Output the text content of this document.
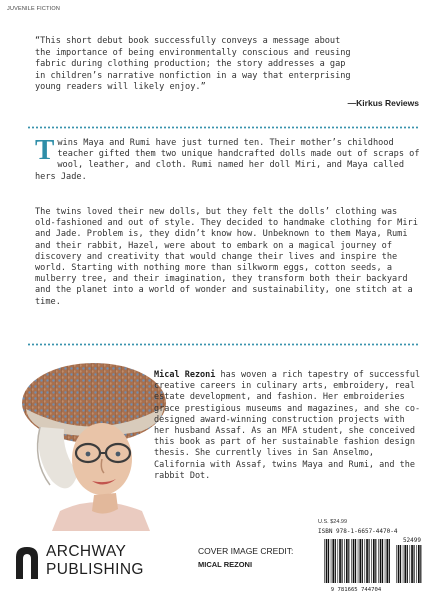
JUVENILE FICTION

“This short debut book successfully conveys a message about
the importance of being environmentally conscious and reusing
fabric during clothing production; the story addresses a gap
in children’s narrative nonfiction in a way that enterprising
young readers will likely enjoy.”

—Kirkus Reviews

Twins Maya and Rumi have just turned ten. Their mother’s childhood teacher gifted them two unique handcrafted dolls made out of scraps of wool, leather, and cloth. Rumi named her doll Miri, and Maya called hers Jade.

The twins loved their new dolls, but they felt the dolls’ clothing was old-fashioned and out of style. They decided to handmake clothing for Miri and Jade. Problem is, they didn’t know how. Unbeknown to them Maya, Rumi and their rabbit, Hazel, were about to embark on a magical journey of discovery and creativity that would change their lives and inspire the world. Starting with nothing more than silkworm eggs, cotton seeds, a mulberry tree, and their imagination, they transform both their backyard and the planet into a world of wonder and sustainability, one stitch at a time.

Mical Rezoni has woven a rich tapestry of successful creative careers in culinary arts, embroidery, real estate development, and fashion. Her embroideries grace prestigious museums and magazines, and she co-designed award-winning construction projects with her husband Assaf. As an MFA student, she conceived this book as part of her sustainable fashion design thesis. She currently lives in San Anselmo, California with Assaf, twins Maya and Rumi, and the rabbit Dot.

ARCHWAY
PUBLISHING
COVER IMAGE CREDIT:
MICAL REZONI
U.S. $24.99
ISBN 978-1-6657-4470-4
52499
9 781665 744704
